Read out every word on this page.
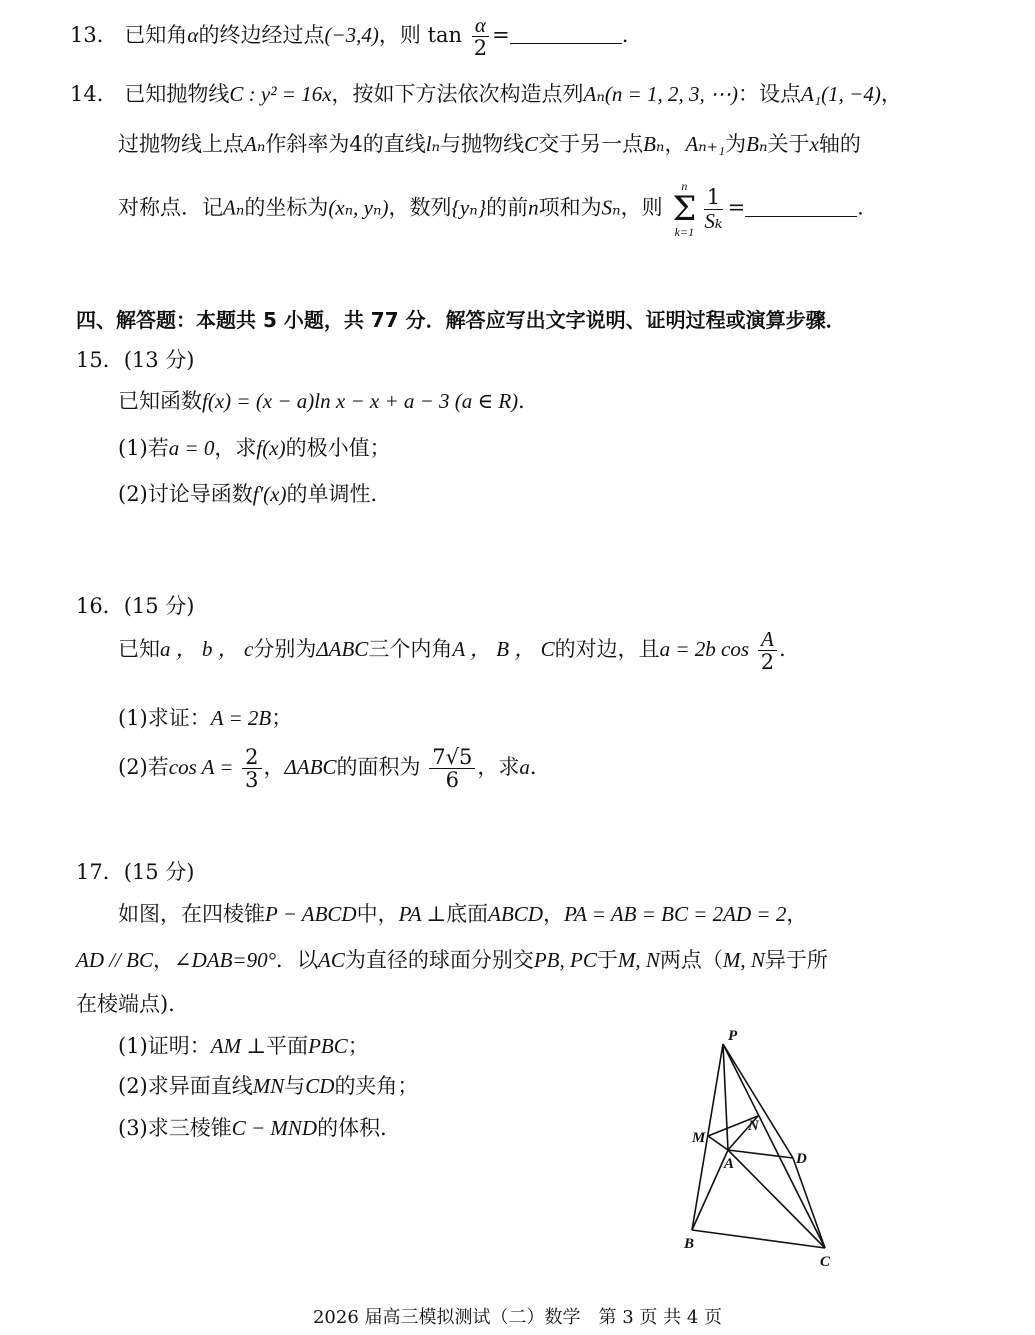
13． 已知角α的终边经过点(−3,4)，则 $\tan \frac{\alpha}{2}$ =	.
14． 已知抛物线C : y² = 16x，按如下方法依次构造点列Aₙ(n = 1, 2, 3, ⋯)：设点A₁(1, −4)，
过抛物线上点Aₙ作斜率为4的直线lₙ与抛物线C交于另一点Bₙ，Aₙ₊₁为Bₙ关于x轴的
对称点．记Aₙ的坐标为(xₙ, yₙ)，数列{yₙ}的前n项和为Sₙ，则
n
Σ
k=1
$\frac{1}{\text{Sₖ}}$ =	.
四、解答题：本题共 5 小题，共 77 分．解答应写出文字说明、证明过程或演算步骤．
15．(13 分)
已知函数f(x) = (x − a)ln x − x + a − 3 (a ∈ R)．
(1)若a = 0，求f(x)的极小值；
(2)讨论导函数f′(x)的单调性．
16．(15 分)
已知a ， b ， c分别为ΔABC三个内角A ， B ， C的对边，且a = 2b $\cos \frac{A}{2}$ ．
(1)求证：A = 2B；
(2)若$\cos A = \frac{2}{3}$ ，ΔABC的面积为 $\frac{7√5}{6}$ ，求a．
17．(15 分)
如图，在四棱锥P − ABCD中，PA ⊥底面ABCD，PA = AB = BC = 2AD = 2，
AD // BC，∠DAB=90°．以AC为直径的球面分别交PB, PC于M, N两点（M, N异于所
在棱端点)．
(1)证明：AM ⊥平面PBC；
(2)求异面直线MN与CD的夹角；
(3)求三棱锥C − MND的体积．
P
M
N
A	D
B
C
2026 届高三模拟测试（二）数学　第 3 页 共 4 页
